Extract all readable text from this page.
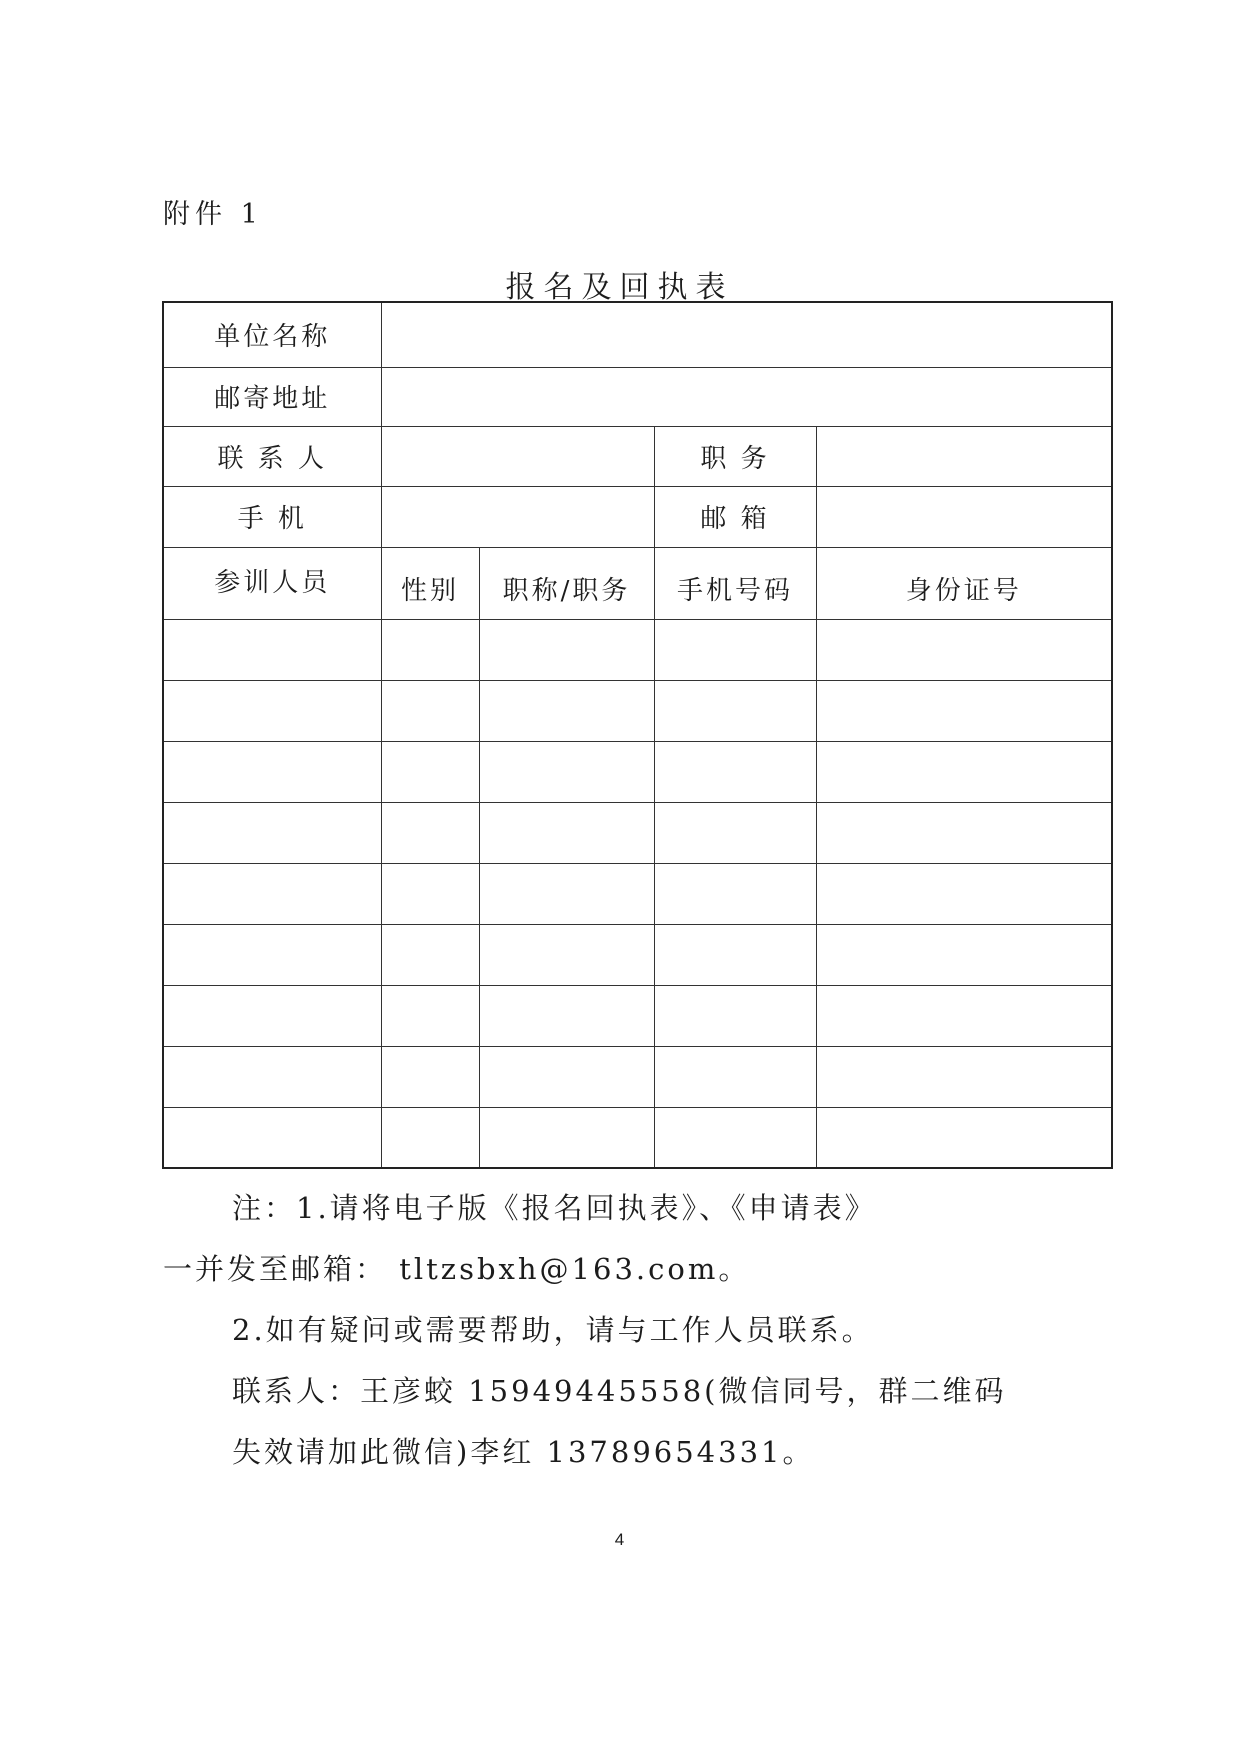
附件 1
报名及回执表
单位名称				
邮寄地址				
联 系 人			职 务	
手 机			邮 箱	
参训人员	性别	职称/职务	手机号码	身份证号

注：1.请将电子版《报名回执表》、《申请表》
一并发至邮箱： tltzsbxh@163.com。
2.如有疑问或需要帮助，请与工作人员联系。
联系人：王彦蛟 15949445558(微信同号，群二维码
失效请加此微信)李红 13789654331。
4
